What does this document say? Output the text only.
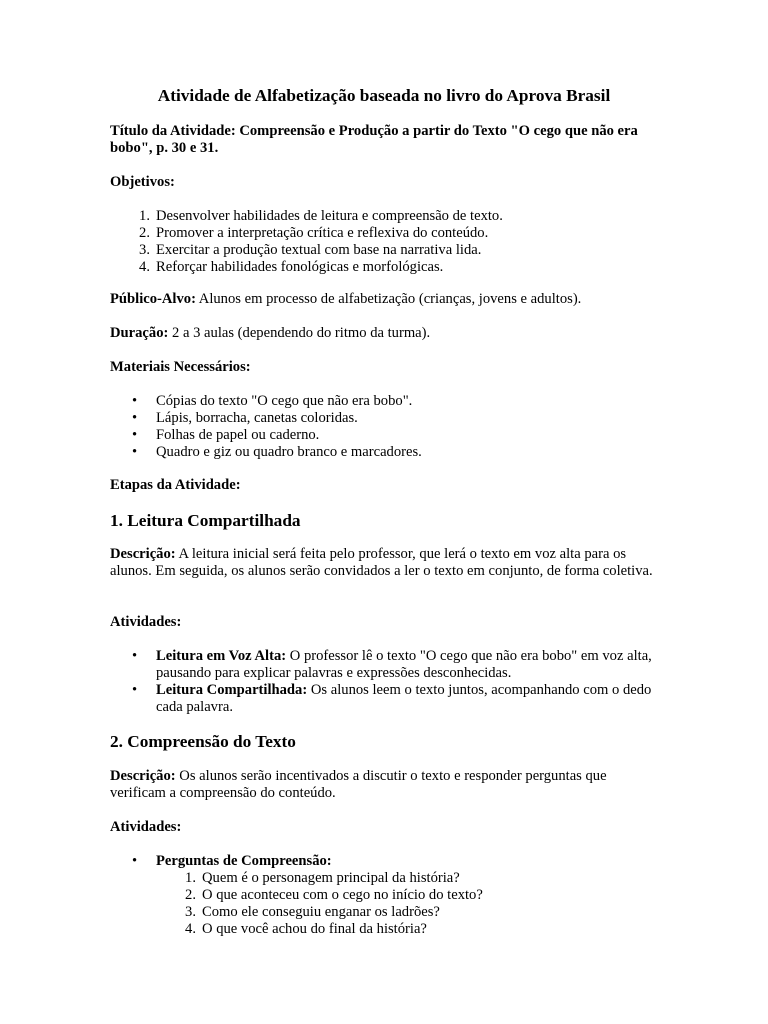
Atividade de Alfabetização baseada no livro do Aprova Brasil

Título da Atividade: Compreensão e Produção a partir do Texto "O cego que não era bobo", p. 30 e 31.

Objetivos:

1. Desenvolver habilidades de leitura e compreensão de texto.
2. Promover a interpretação crítica e reflexiva do conteúdo.
3. Exercitar a produção textual com base na narrativa lida.
4. Reforçar habilidades fonológicas e morfológicas.

Público-Alvo: Alunos em processo de alfabetização (crianças, jovens e adultos).

Duração: 2 a 3 aulas (dependendo do ritmo da turma).

Materiais Necessários:

• Cópias do texto "O cego que não era bobo".
• Lápis, borracha, canetas coloridas.
• Folhas de papel ou caderno.
• Quadro e giz ou quadro branco e marcadores.

Etapas da Atividade:

1. Leitura Compartilhada

Descrição: A leitura inicial será feita pelo professor, que lerá o texto em voz alta para os alunos. Em seguida, os alunos serão convidados a ler o texto em conjunto, de forma coletiva.

Atividades:

• Leitura em Voz Alta: O professor lê o texto "O cego que não era bobo" em voz alta, pausando para explicar palavras e expressões desconhecidas.
• Leitura Compartilhada: Os alunos leem o texto juntos, acompanhando com o dedo cada palavra.
2. Compreensão do Texto

Descrição: Os alunos serão incentivados a discutir o texto e responder perguntas que verificam a compreensão do conteúdo.

Atividades:

• Perguntas de Compreensão:
1. Quem é o personagem principal da história?
2. O que aconteceu com o cego no início do texto?
3. Como ele conseguiu enganar os ladrões?
4. O que você achou do final da história?
